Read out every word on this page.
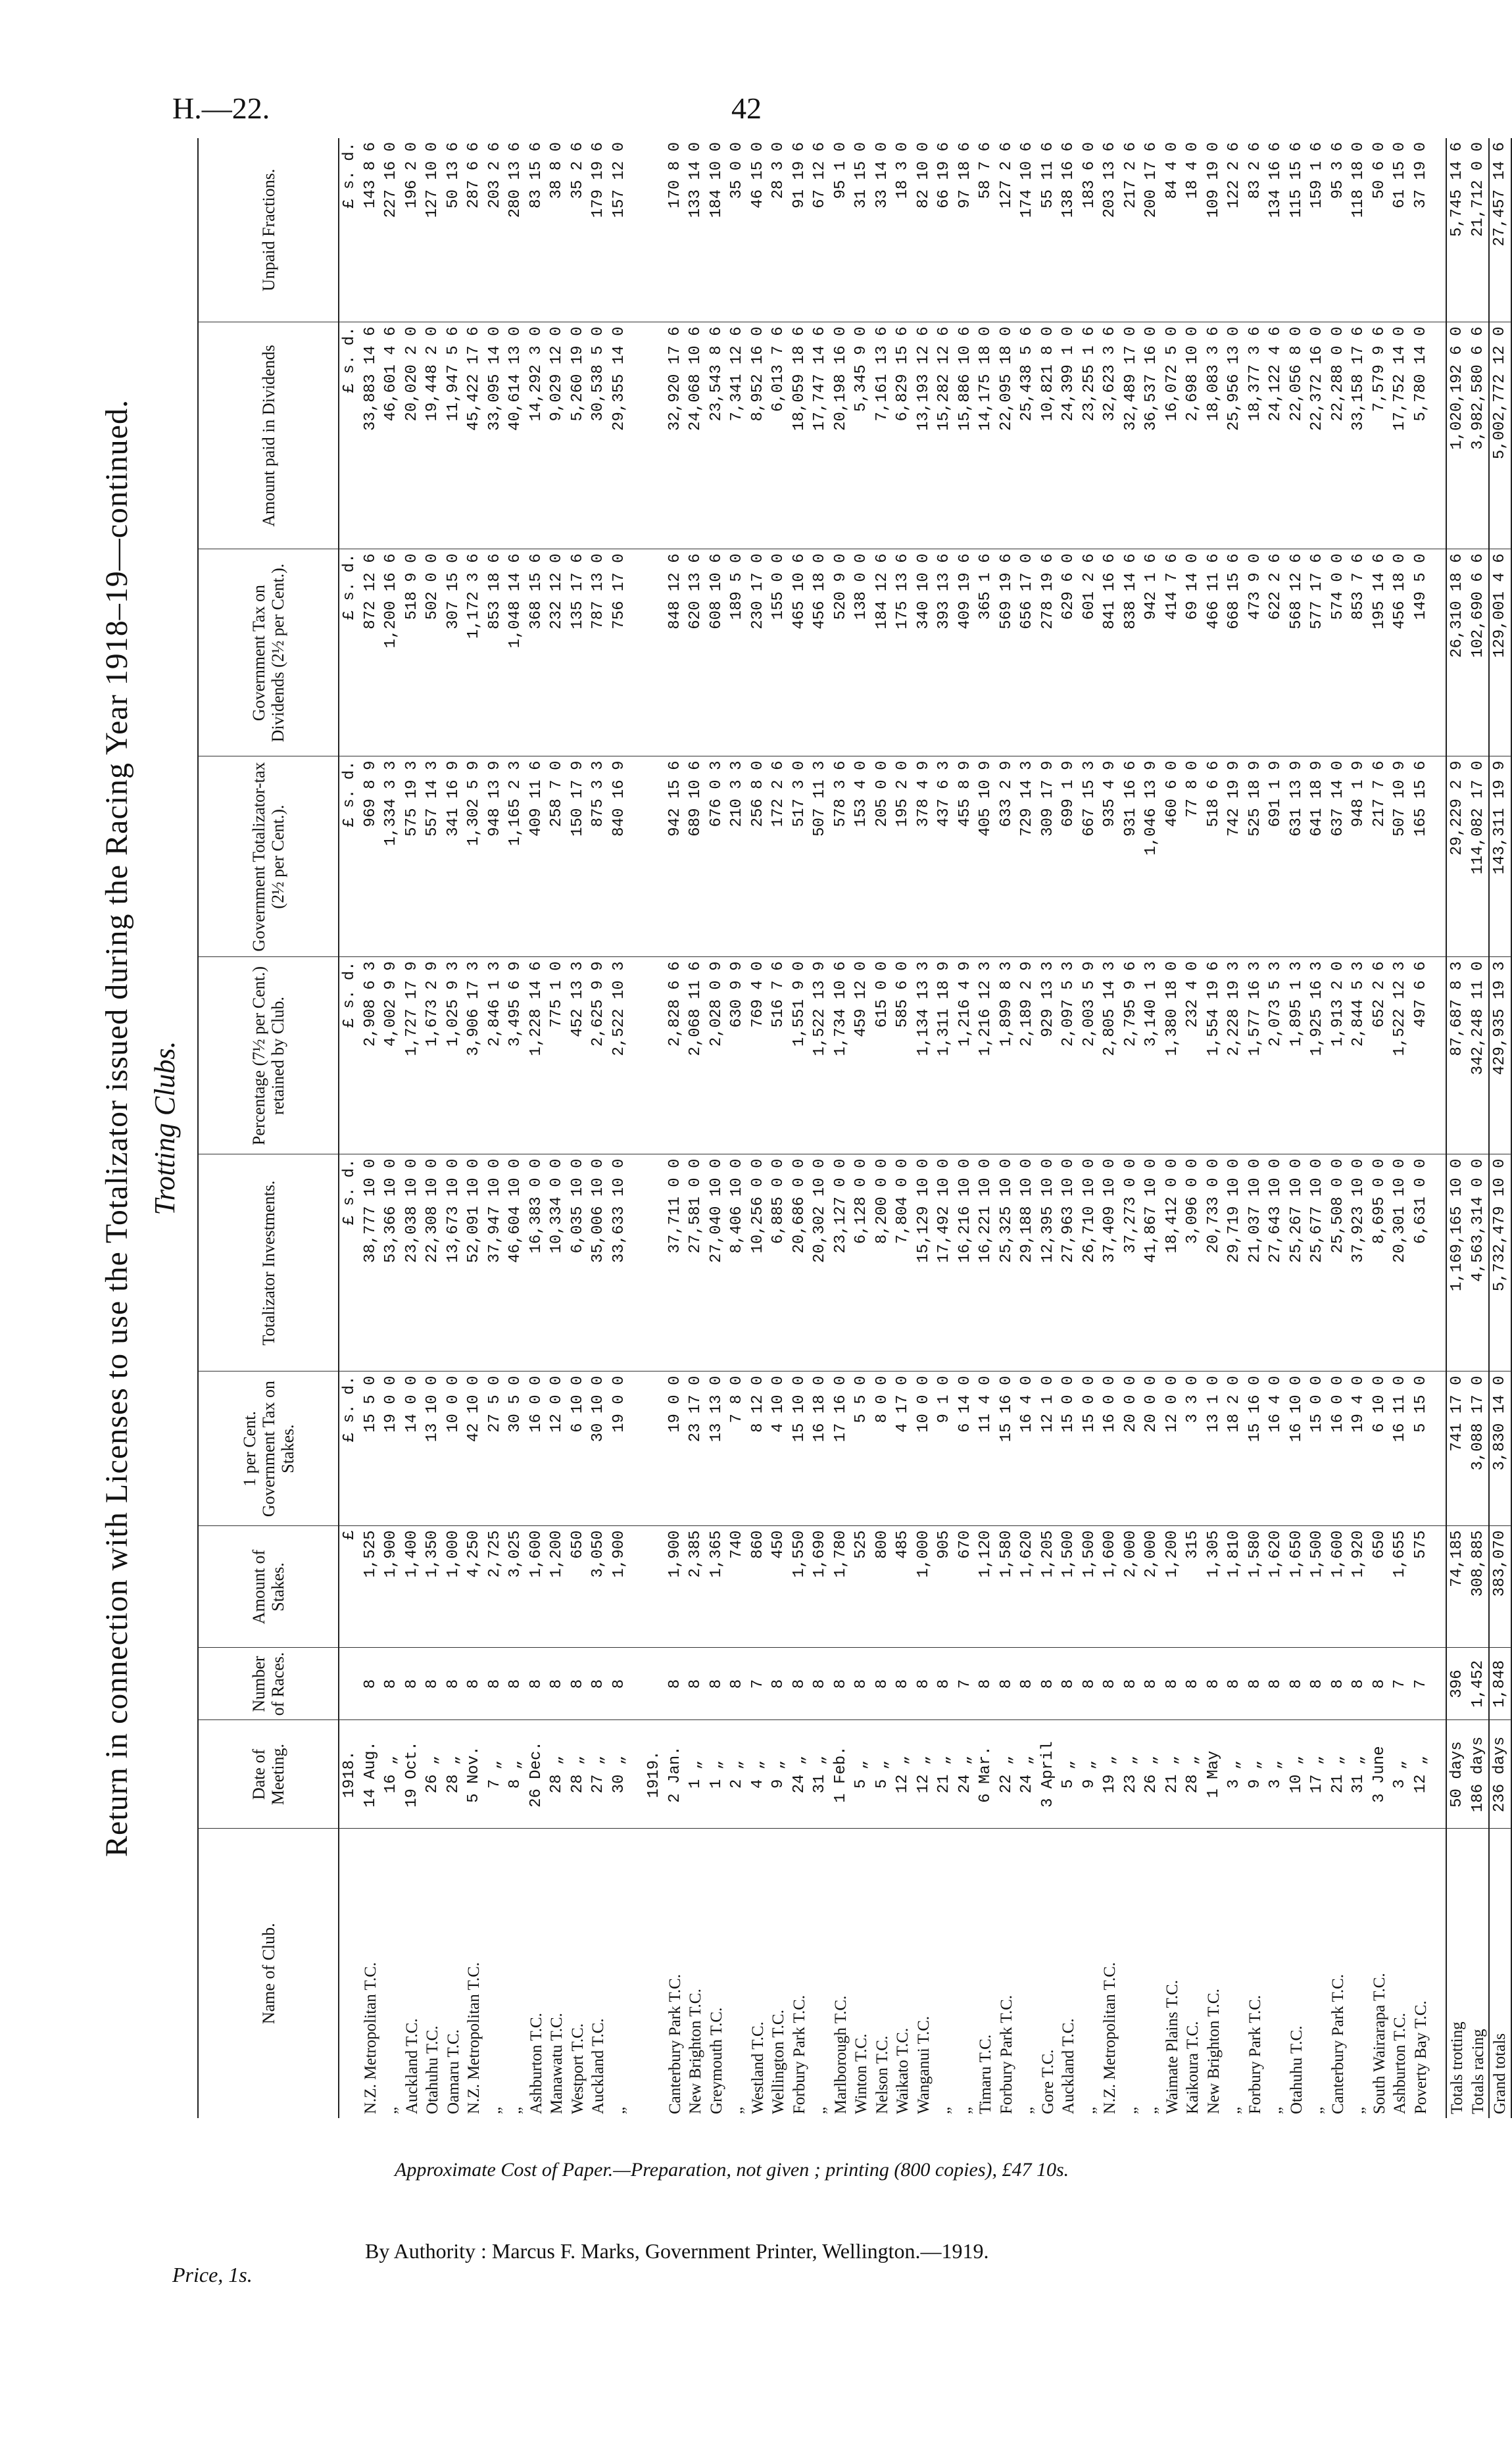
H.—22.	42
Return in connection with Licenses to use the Totalizator issued during the Racing Year 1918–19—continued. Trotting Clubs.
Name of Club.	Date of Meeting.	Number of Races.	Amount of Stakes.	1 per Cent. Government Tax on Stakes.	Totalizator Investments.	Percentage (7½ per Cent.) retained by Club.	Government Totalizator-tax (2½ per Cent.).	Government Tax on Dividends (2½ per Cent.).	Amount paid in Dividends	Unpaid Fractions.
	1918.		£	£ s. d.	£ s. d.	£ s. d.	£ s. d.	£ s. d.	£ s. d.	£ s. d.
N.Z. Metropolitan T.C.	14 Aug.	8	1,525	15 5 0	38,777 10 0	2,908 6 3	969 8 9	872 12 6	33,883 14 6	143 8 6
„	16 „	8	1,900	19 0 0	53,366 10 0	4,002 9 9	1,334 3 3	1,200 16 6	46,601 4 6	227 16 0
Auckland T.C.	19 Oct.	8	1,400	14 0 0	23,038 10 0	1,727 17 9	575 19 3	518 9 0	20,020 2 0	196 2 0
Otahuhu T.C.	26 „	8	1,350	13 10 0	22,308 10 0	1,673 2 9	557 14 3	502 0 0	19,448 2 0	127 10 0
Oamaru T.C.	28 „	8	1,000	10 0 0	13,673 10 0	1,025 9 3	341 16 9	307 15 0	11,947 5 6	50 13 6
N.Z. Metropolitan T.C.	5 Nov.	8	4,250	42 10 0	52,091 10 0	3,906 17 3	1,302 5 9	1,172 3 6	45,422 17 6	287 6 6
„	7 „	8	2,725	27 5 0	37,947 10 0	2,846 1 3	948 13 9	853 18 6	33,095 14 0	203 2 6
„	8 „	8	3,025	30 5 0	46,604 10 0	3,495 6 9	1,165 2 3	1,048 14 6	40,614 13 0	280 13 6
Ashburton T.C.	26 Dec.	8	1,600	16 0 0	16,383 0 0	1,228 14 6	409 11 6	368 15 6	14,292 3 0	83 15 6
Manawatu T.C.	28 „	8	1,200	12 0 0	10,334 0 0	775 1 0	258 7 0	232 12 0	9,029 12 0	38 8 0
Westport T.C.	28 „	8	650	6 10 0	6,035 10 0	452 13 3	150 17 9	135 17 6	5,260 19 0	35 2 6
Auckland T.C.	27 „	8	3,050	30 10 0	35,006 10 0	2,625 9 9	875 3 3	787 13 0	30,538 5 0	179 19 6
„	30 „	8	1,900	19 0 0	33,633 10 0	2,522 10 3	840 16 9	756 17 0	29,355 14 0	157 12 0

	1919.									
Canterbury Park T.C.	2 Jan.	8	1,900	19 0 0	37,711 0 0	2,828 6 6	942 15 6	848 12 6	32,920 17 6	170 8 0
New Brighton T.C.	1 „	8	2,385	23 17 0	27,581 0 0	2,068 11 6	689 10 6	620 13 6	24,068 10 6	133 14 0
Greymouth T.C.	1 „	8	1,365	13 13 0	27,040 10 0	2,028 0 9	676 0 3	608 10 6	23,543 8 6	184 10 0
„	2 „	8	740	7 8 0	8,406 10 0	630 9 9	210 3 3	189 5 0	7,341 12 6	35 0 0
Westland T.C.	4 „	7	860	8 12 0	10,256 0 0	769 4 0	256 8 0	230 17 0	8,952 16 0	46 15 0
Wellington T.C.	9 „	8	450	4 10 0	6,885 0 0	516 7 6	172 2 6	155 0 0	6,013 7 6	28 3 0
Forbury Park T.C.	24 „	8	1,550	15 10 0	20,686 0 0	1,551 9 0	517 3 0	465 10 6	18,059 18 6	91 19 6
„	31 „	8	1,690	16 18 0	20,302 10 0	1,522 13 9	507 11 3	456 18 0	17,747 14 6	67 12 6
Marlborough T.C.	1 Feb.	8	1,780	17 16 0	23,127 0 0	1,734 10 6	578 3 6	520 9 0	20,198 16 0	95 1 0
Winton T.C.	5 „	8	525	5 5 0	6,128 0 0	459 12 0	153 4 0	138 0 0	5,345 9 0	31 15 0
Nelson T.C.	5 „	8	800	8 0 0	8,200 0 0	615 0 0	205 0 0	184 12 6	7,161 13 6	33 14 0
Waikato T.C.	12 „	8	485	4 17 0	7,804 0 0	585 6 0	195 2 0	175 13 6	6,829 15 6	18 3 0
Wanganui T.C.	12 „	8	1,000	10 0 0	15,129 10 0	1,134 13 3	378 4 9	340 10 0	13,193 12 6	82 10 0
„	21 „	8	905	9 1 0	17,492 10 0	1,311 18 9	437 6 3	393 13 6	15,282 12 6	66 19 6
„	24 „	7	670	6 14 0	16,216 10 0	1,216 4 9	455 8 9	409 19 6	15,886 10 6	97 18 6
Timaru T.C.	6 Mar.	8	1,120	11 4 0	16,221 10 0	1,216 12 3	405 10 9	365 1 6	14,175 18 0	58 7 6
Forbury Park T.C.	22 „	8	1,580	15 16 0	25,325 10 0	1,899 8 3	633 2 9	569 19 6	22,095 18 0	127 2 6
„	24 „	8	1,620	16 4 0	29,188 10 0	2,189 2 9	729 14 3	656 17 0	25,438 5 6	174 10 6
Gore T.C.	3 April	8	1,205	12 1 0	12,395 10 0	929 13 3	309 17 9	278 19 6	10,821 8 0	55 11 6
Auckland T.C.	5 „	8	1,500	15 0 0	27,963 10 0	2,097 5 3	699 1 9	629 6 0	24,399 1 0	138 16 6
„	9 „	8	1,500	15 0 0	26,710 10 0	2,003 5 9	667 15 3	601 2 6	23,255 1 6	183 6 0
N.Z. Metropolitan T.C.	19 „	8	1,600	16 0 0	37,409 10 0	2,805 14 3	935 4 9	841 16 6	32,623 3 6	203 13 6
„	23 „	8	2,000	20 0 0	37,273 0 0	2,795 9 6	931 16 6	838 14 6	32,489 17 0	217 2 6
„	26 „	8	2,000	20 0 0	41,867 10 0	3,140 1 3	1,046 13 9	942 1 6	36,537 16 0	200 17 6
Waimate Plains T.C.	21 „	8	1,200	12 0 0	18,412 0 0	1,380 18 0	460 6 0	414 7 6	16,072 5 0	84 4 0
Kaikoura T.C.	28 „	8	315	3 3 0	3,096 0 0	232 4 0	77 8 0	69 14 0	2,698 10 0	18 4 0
New Brighton T.C.	1 May	8	1,305	13 1 0	20,733 0 0	1,554 19 6	518 6 6	466 11 6	18,083 3 6	109 19 0
„	3 „	8	1,810	18 2 0	29,719 10 0	2,228 19 3	742 19 9	668 15 6	25,956 13 0	122 2 6
Forbury Park T.C.	9 „	8	1,580	15 16 0	21,037 10 0	1,577 16 3	525 18 9	473 9 0	18,377 3 6	83 2 6
„	3 „	8	1,620	16 4 0	27,643 10 0	2,073 5 3	691 1 9	622 2 6	24,122 4 6	134 16 6
Otahuhu T.C.	10 „	8	1,650	16 10 0	25,267 10 0	1,895 1 3	631 13 9	568 12 6	22,056 8 0	115 15 6
„	17 „	8	1,500	15 0 0	25,677 10 0	1,925 16 3	641 18 9	577 17 6	22,372 16 0	159 1 6
Canterbury Park T.C.	21 „	8	1,600	16 0 0	25,508 0 0	1,913 2 0	637 14 0	574 0 0	22,288 0 0	95 3 6
„	31 „	8	1,920	19 4 0	37,923 10 0	2,844 5 3	948 1 9	853 7 6	33,158 17 6	118 18 0
South Wairarapa T.C.	3 June	8	650	6 10 0	8,695 0 0	652 2 6	217 7 6	195 14 6	7,579 9 6	50 6 0
Ashburton T.C.	3 „	7	1,655	16 11 0	20,301 10 0	1,522 12 3	507 10 9	456 18 0	17,752 14 0	61 15 0
Poverty Bay T.C.	12 „	7	575	5 15 0	6,631 0 0	497 6 6	165 15 6	149 5 0	5,780 14 0	37 19 0

Totals trotting	50 days	396	74,185	741 17 0	1,169,165 10 0	87,687 8 3	29,229 2 9	26,310 18 6	1,020,192 6 0	5,745 14 6
Totals racing	186 days	1,452	308,885	3,088 17 0	4,563,314 0 0	342,248 11 0	114,082 17 0	102,690 6 6	3,982,580 6 6	21,712 0 0
Grand totals	236 days	1,848	383,070	3,830 14 0	5,732,479 10 0	429,935 19 3	143,311 19 9	129,001 4 6	5,002,772 12 0	27,457 14 6
Approximate Cost of Paper.—Preparation, not given ; printing (800 copies), £47 10s.
By Authority : Marcus F. Marks, Government Printer, Wellington.—1919.
Price, 1s.
